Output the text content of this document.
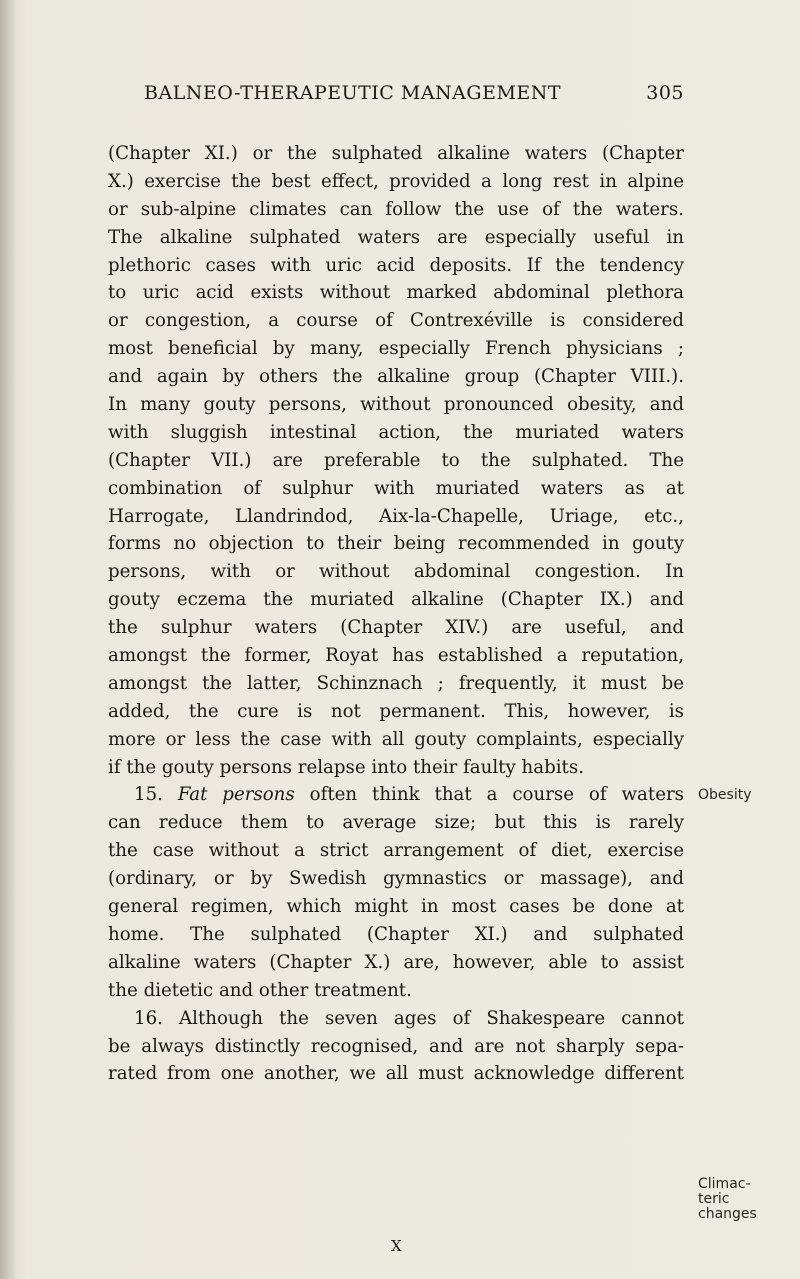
BALNEO-THERAPEUTIC MANAGEMENT	305
(Chapter XI.) or the sulphated alkaline waters (Chapter
X.) exercise the best effect, provided a long rest in alpine
or sub-alpine climates can follow the use of the waters.
The alkaline sulphated waters are especially useful in
plethoric cases with uric acid deposits. If the tendency
to uric acid exists without marked abdominal plethora
or congestion, a course of Contrexéville is considered
most beneficial by many, especially French physicians ;
and again by others the alkaline group (Chapter VIII.).
In many gouty persons, without pronounced obesity, and
with sluggish intestinal action, the muriated waters
(Chapter VII.) are preferable to the sulphated. The
combination of sulphur with muriated waters as at
Harrogate, Llandrindod, Aix-la-Chapelle, Uriage, etc.,
forms no objection to their being recommended in gouty
persons, with or without abdominal congestion. In
gouty eczema the muriated alkaline (Chapter IX.) and
the sulphur waters (Chapter XIV.) are useful, and
amongst the former, Royat has established a reputation,
amongst the latter, Schinznach ; frequently, it must be
added, the cure is not permanent. This, however, is
more or less the case with all gouty complaints, especially
if the gouty persons relapse into their faulty habits.
15. Fat persons often think that a course of waters
can reduce them to average size; but this is rarely
the case without a strict arrangement of diet, exercise
(ordinary, or by Swedish gymnastics or massage), and
general regimen, which might in most cases be done at
home. The sulphated (Chapter XI.) and sulphated
alkaline waters (Chapter X.) are, however, able to assist
the dietetic and other treatment.
16. Although the seven ages of Shakespeare cannot
be always distinctly recognised, and are not sharply sepa-
rated from one another, we all must acknowledge different
Obesity
Climac-
teric
changes
X
